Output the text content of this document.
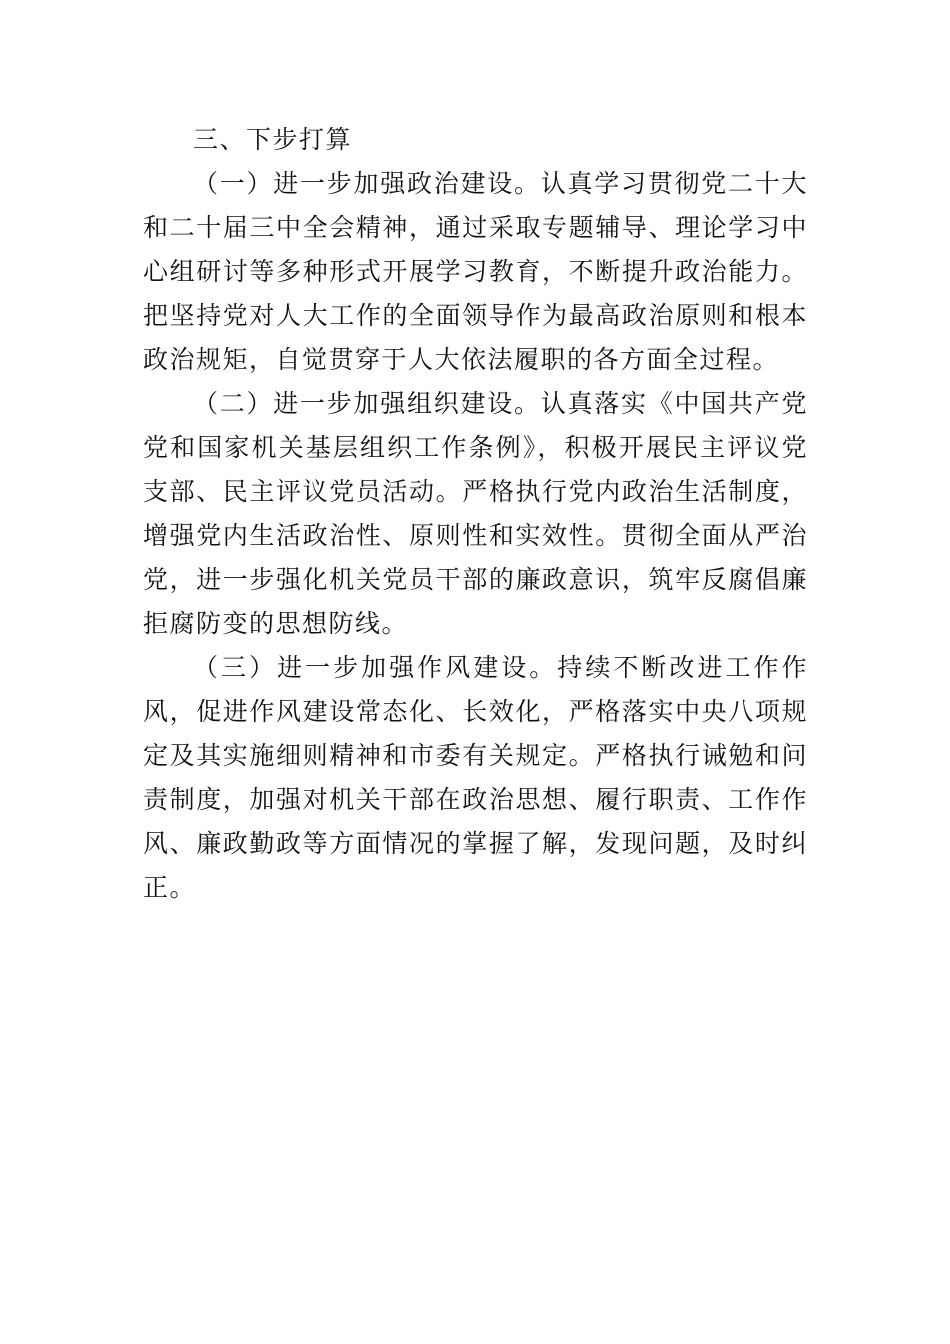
三、下步打算

（一）进一步加强政治建设。认真学习贯彻党二十大和二十届三中全会精神，通过采取专题辅导、理论学习中心组研讨等多种形式开展学习教育，不断提升政治能力。把坚持党对人大工作的全面领导作为最高政治原则和根本政治规矩，自觉贯穿于人大依法履职的各方面全过程。

（二）进一步加强组织建设。认真落实《中国共产党党和国家机关基层组织工作条例》，积极开展民主评议党支部、民主评议党员活动。严格执行党内政治生活制度，增强党内生活政治性、原则性和实效性。贯彻全面从严治党，进一步强化机关党员干部的廉政意识，筑牢反腐倡廉拒腐防变的思想防线。

（三）进一步加强作风建设。持续不断改进工作作风，促进作风建设常态化、长效化，严格落实中央八项规定及其实施细则精神和市委有关规定。严格执行诫勉和问责制度，加强对机关干部在政治思想、履行职责、工作作风、廉政勤政等方面情况的掌握了解，发现问题，及时纠正。
